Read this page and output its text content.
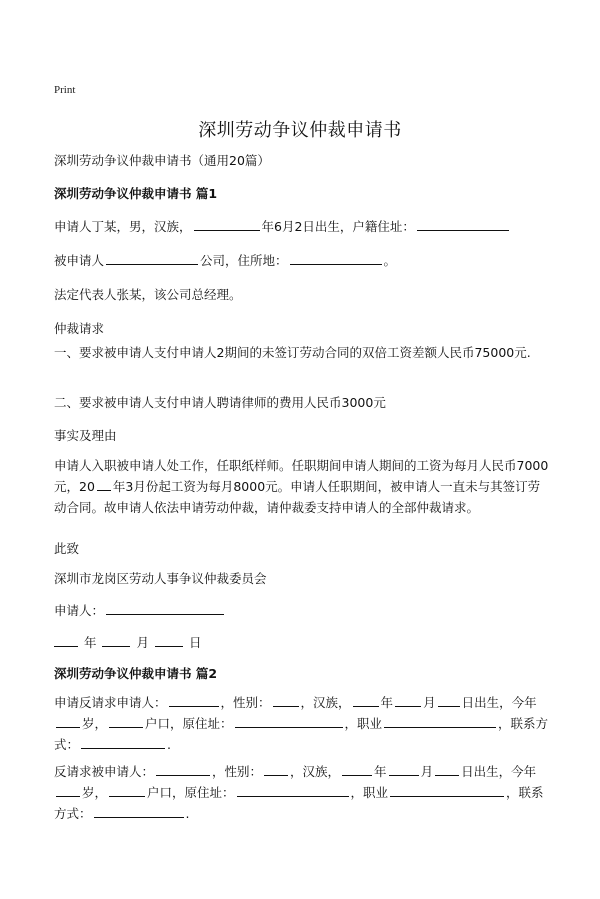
Print
深圳劳动争议仲裁申请书
深圳劳动争议仲裁申请书（通用20篇）
深圳劳动争议仲裁申请书 篇1
申请人丁某，男，汉族，	年6月2日出生，户籍住址：
被申请人	公司，住所地：	。
法定代表人张某，该公司总经理。
仲裁请求
一、要求被申请人支付申请人2期间的未签订劳动合同的双倍工资差额人民币75000元.
二、要求被申请人支付申请人聘请律师的费用人民币3000元
事实及理由
申请人入职被申请人处工作，任职纸样师。任职期间申请人期间的工资为每月人民币7000元，20 年3月份起工资为每月8000元。申请人任职期间，被申请人一直未与其签订劳动合同。故申请人依法申请劳动仲裁，请仲裁委支持申请人的全部仲裁请求。
此致
深圳市龙岗区劳动人事争议仲裁委员会
申请人：
年	月	日
深圳劳动争议仲裁申请书 篇2
申请反请求申请人：	，性别： ，汉族， 年 月 日出生，今年岁，	户口，原住址：	，职业	，联系方式：	.
反请求被申请人：	，性别： ，汉族，	年	月 日出生，今年岁，	户口，原住址：	，职业	，联系方式：	.
